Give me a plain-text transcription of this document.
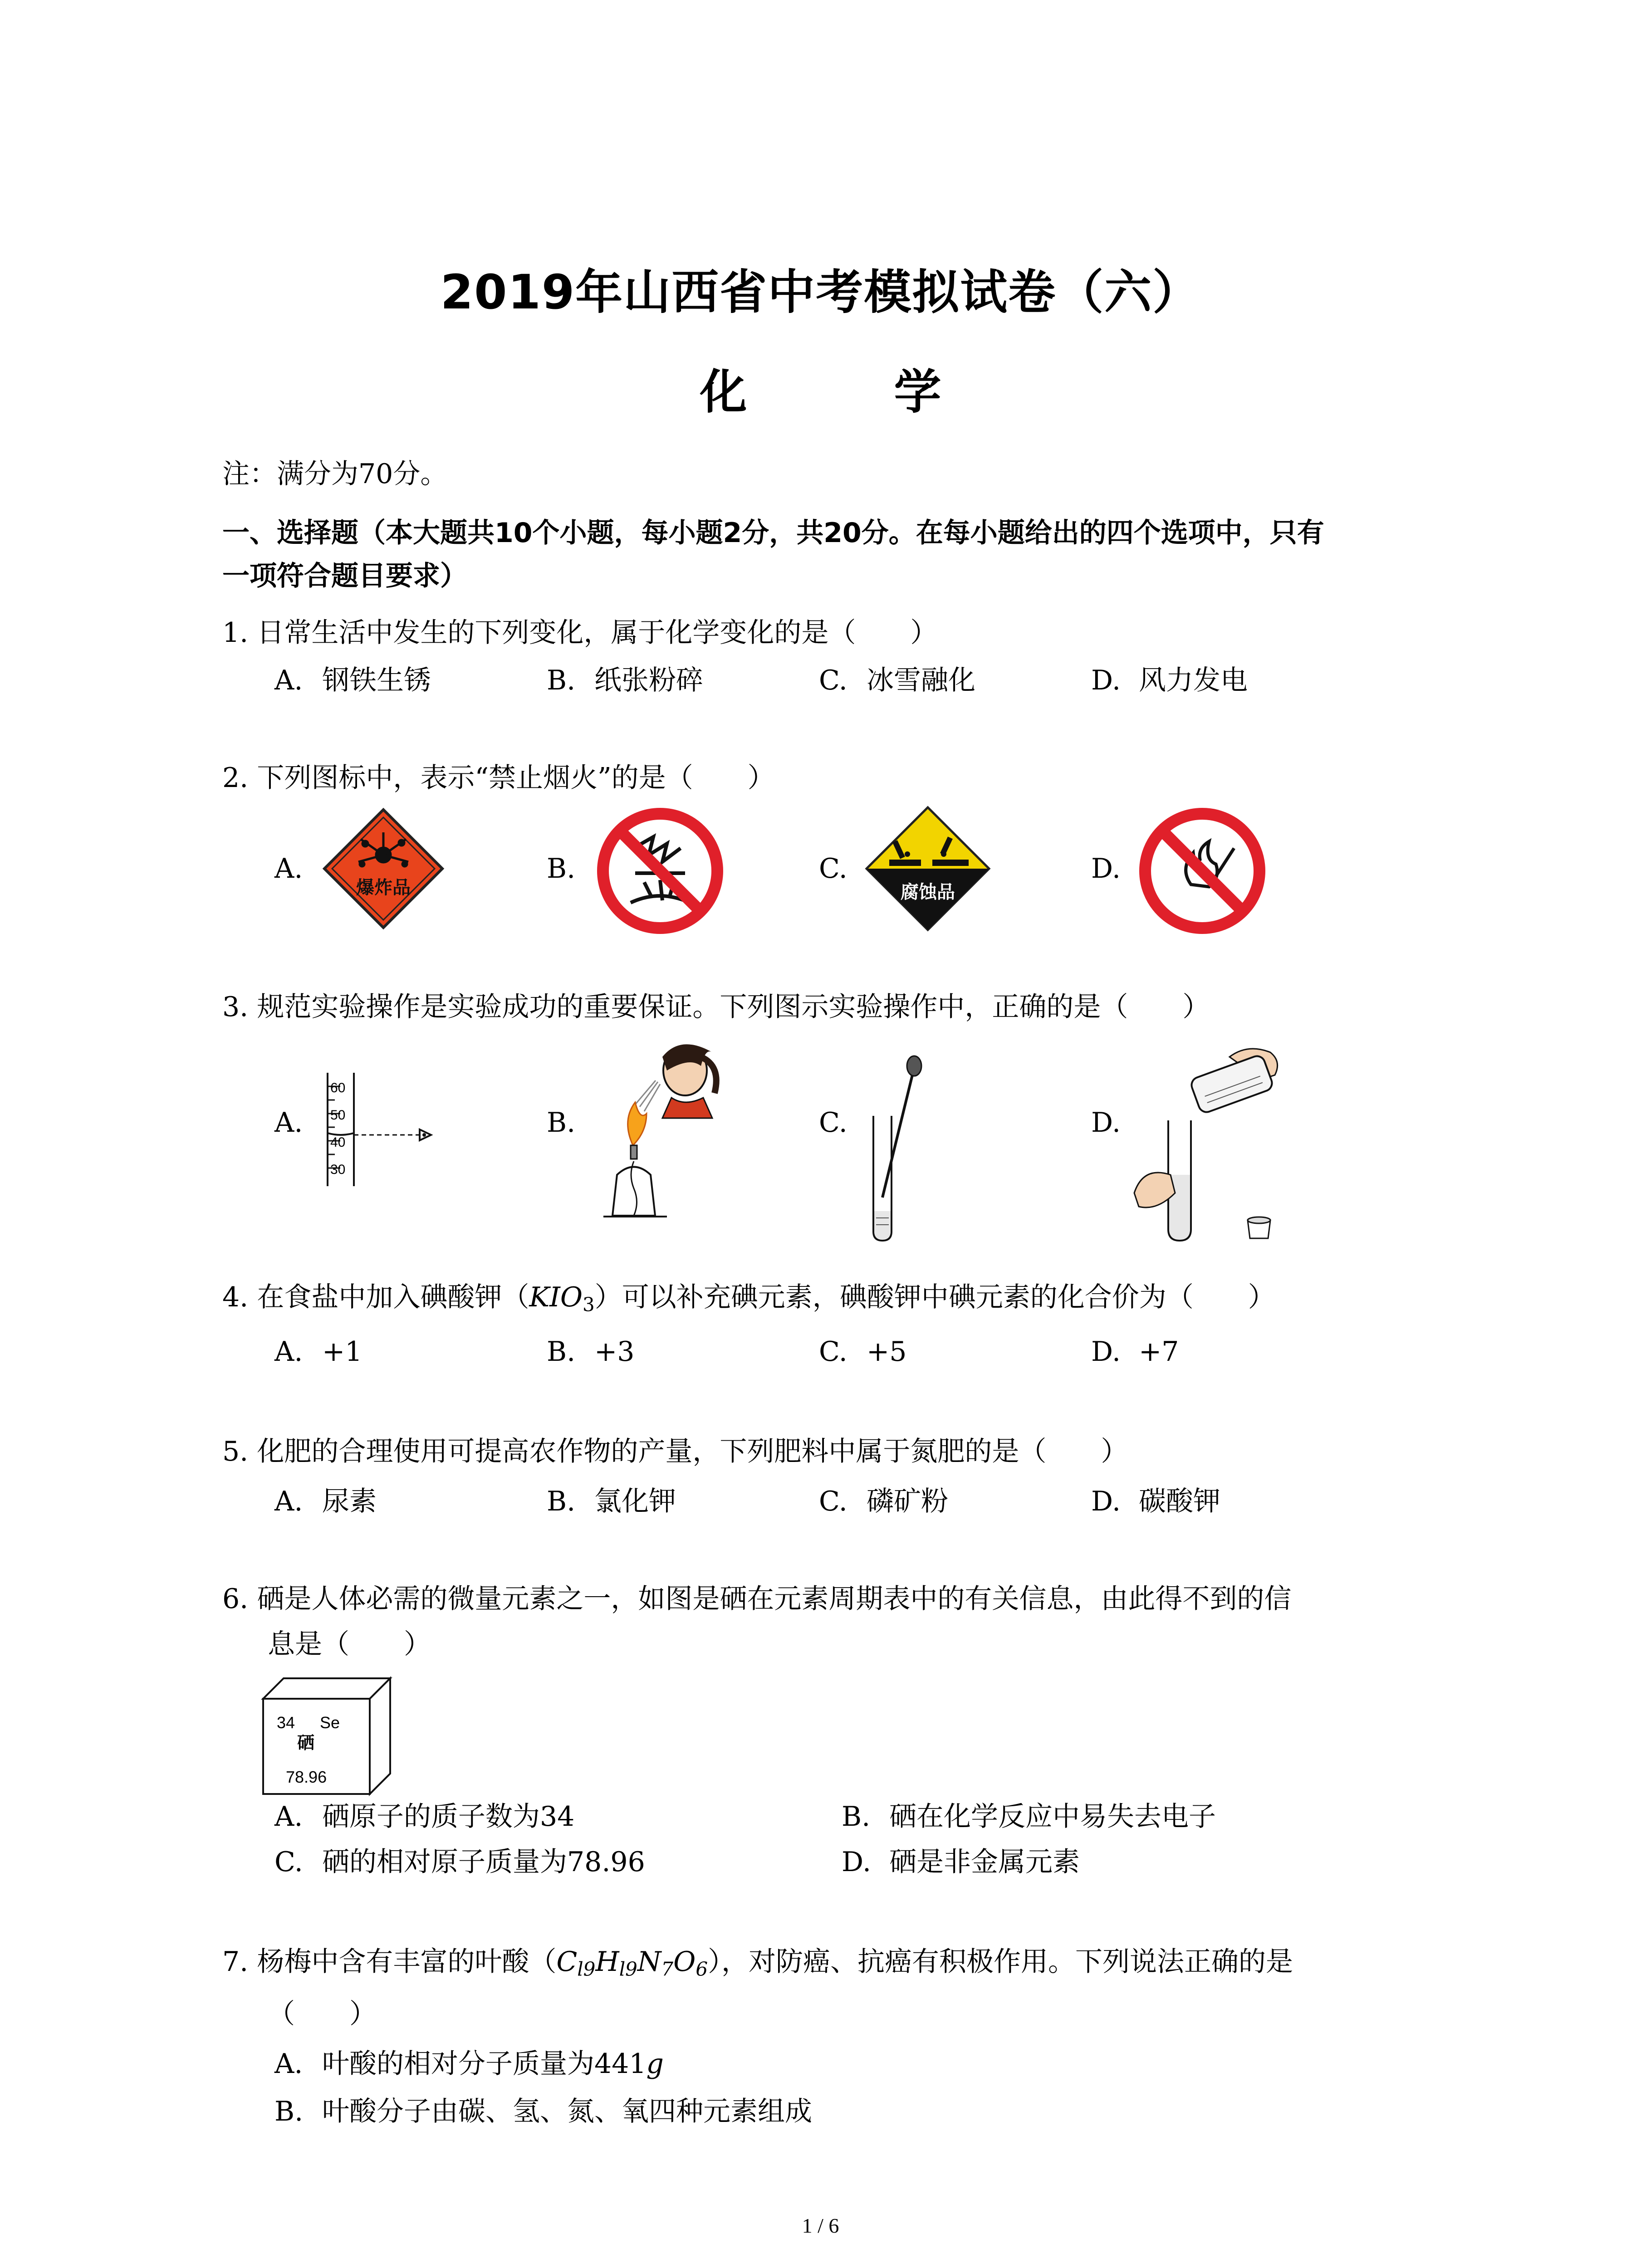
2019年山西省中考模拟试卷（六）
化　学
注：满分为70分。
一、选择题（本大题共10个小题，每小题2分，共20分。在每小题给出的四个选项中，只有
一项符合题目要求）
1. 日常生活中发生的下列变化，属于化学变化的是（　　）
A. 钢铁生锈	B. 纸张粉碎	C. 冰雪融化	D. 风力发电
2. 下列图标中，表示“禁止烟火”的是（　　）
A.	B.	C.	D.
爆炸品	腐蚀品
3. 规范实验操作是实验成功的重要保证。下列图示实验操作中，正确的是（　　）
A.	B.	C.	D.
60
50
40
30
4. 在食盐中加入碘酸钾$(KIO_3)$可以补充碘元素，碘酸钾中碘元素的化合价为（　　）
A. +1	B. +3	C. +5	D. +7
5. 化肥的合理使用可提高农作物的产量，下列肥料中属于氮肥的是（　　）
A. 尿素	B. 氯化钾	C. 磷矿粉	D. 碳酸钾
6. 硒是人体必需的微量元素之一，如图是硒在元素周期表中的有关信息，由此得不到的信
息是（　　）
34 Se
硒
78.96
A. 硒原子的质子数为34	B. 硒在化学反应中易失去电子
C. 硒的相对原子质量为78.96	D. 硒是非金属元素
7. 杨梅中含有丰富的叶酸$(C_{l9}H_{l9}N_7O_6)$，对防癌、抗癌有积极作用。下列说法正确的是
（　　）
A. 叶酸的相对分子质量为441g
B. 叶酸分子由碳、氢、氮、氧四种元素组成
1 / 6
